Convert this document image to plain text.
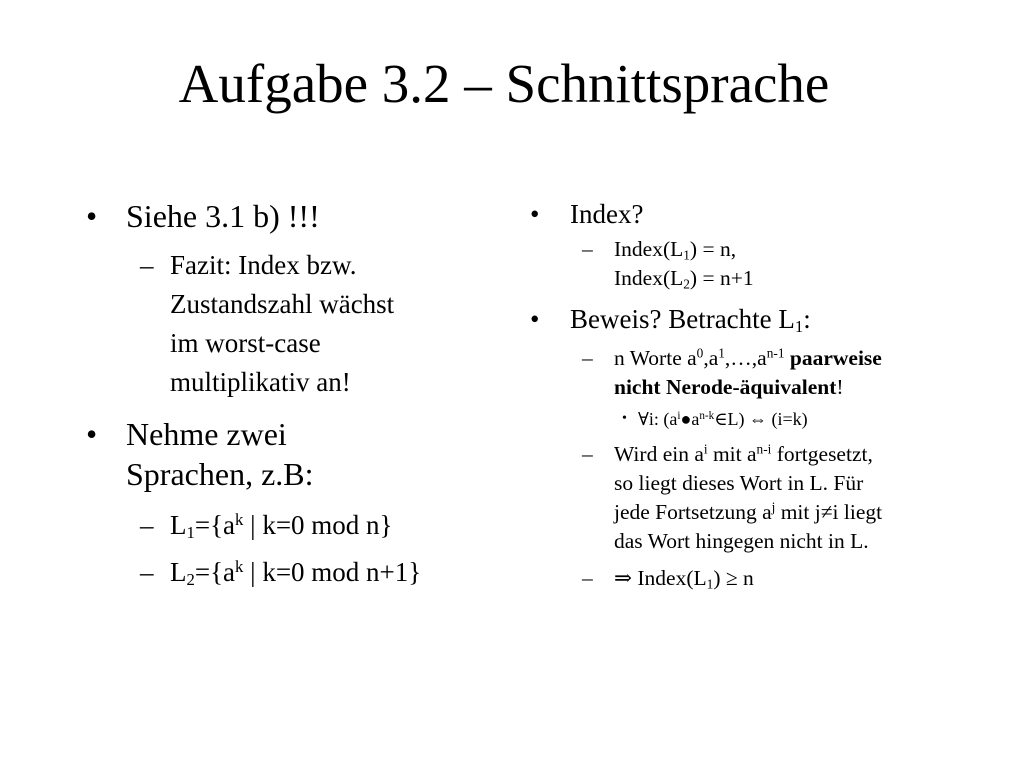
Aufgabe 3.2 – Schnittsprache
• Siehe 3.1 b) !!!
– Fazit: Index bzw.
Zustandszahl wächst
im worst-case
multiplikativ an!
• Nehme zwei
Sprachen, z.B:
– $L_1=\{a^k$ | k=0 mod n}
– $L_2=\{a^k$ | k=0 mod n+1}
• Index?
– $Index(L_1) = n$,
$Index(L_2) = n+1$
• Beweis? Betrachte $L_1$:
– n Worte $a^0,a^1,\dots,a^{n-1}$ paarweise
nicht Nerode-äquivalent!
• ∀i: $(a^i●a^{n-k}\in L)$ ⇔ (i=k)
– Wird ein $a^i$ mit $a^{n-i}$ fortgesetzt,
so liegt dieses Wort in L. Für
jede Fortsetzung $a^j$ mit j≠i liegt
das Wort hingegen nicht in L.
– ⇒ $Index(L_1) \ge n$
